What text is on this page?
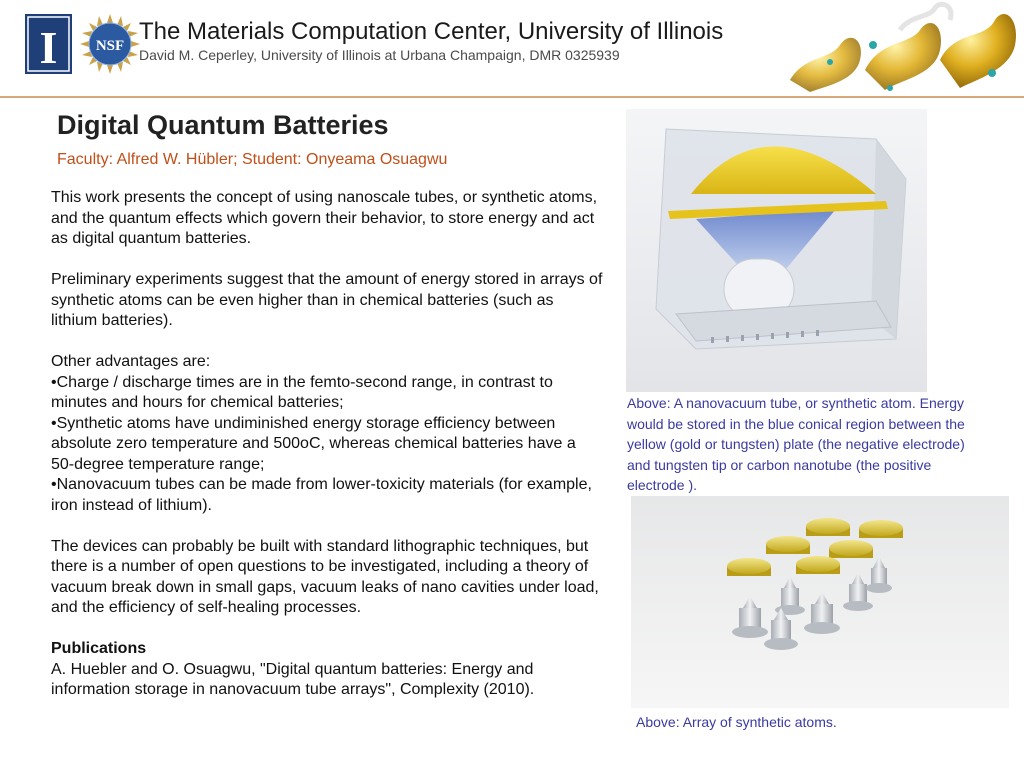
I	NSF
The Materials Computation Center, University of Illinois
David M. Ceperley, University of Illinois at Urbana Champaign, DMR 0325939
Digital Quantum Batteries
Faculty: Alfred W. Hübler; Student: Onyeama Osuagwu

This work presents the concept of using nanoscale tubes, or synthetic atoms, and the quantum effects which govern their behavior, to store energy and act as digital quantum batteries.

Preliminary experiments suggest that the amount of energy stored in arrays of synthetic atoms can be even higher than in chemical batteries (such as lithium batteries).

Other advantages are:

•Charge / discharge times are in the femto-second range, in contrast to minutes and hours for chemical batteries;

•Synthetic atoms have undiminished energy storage efficiency between absolute zero temperature and 500oC, whereas chemical batteries have a 50-degree temperature range;

•Nanovacuum tubes can be made from lower-toxicity materials (for example, iron instead of lithium).

The devices can probably be built with standard lithographic techniques, but there is a number of open questions to be investigated, including a theory of vacuum break down in small gaps, vacuum leaks of nano cavities under load, and the efficiency of self-healing processes.

Publications

A. Huebler and O. Osuagwu, "Digital quantum batteries: Energy and information storage in nanovacuum tube arrays", Complexity (2010).

Above: A nanovacuum tube, or synthetic atom. Energy would be stored in the blue conical region between the yellow (gold or tungsten) plate (the negative electrode) and tungsten tip or carbon nanotube (the positive electrode ).
Above: Array of synthetic atoms.
